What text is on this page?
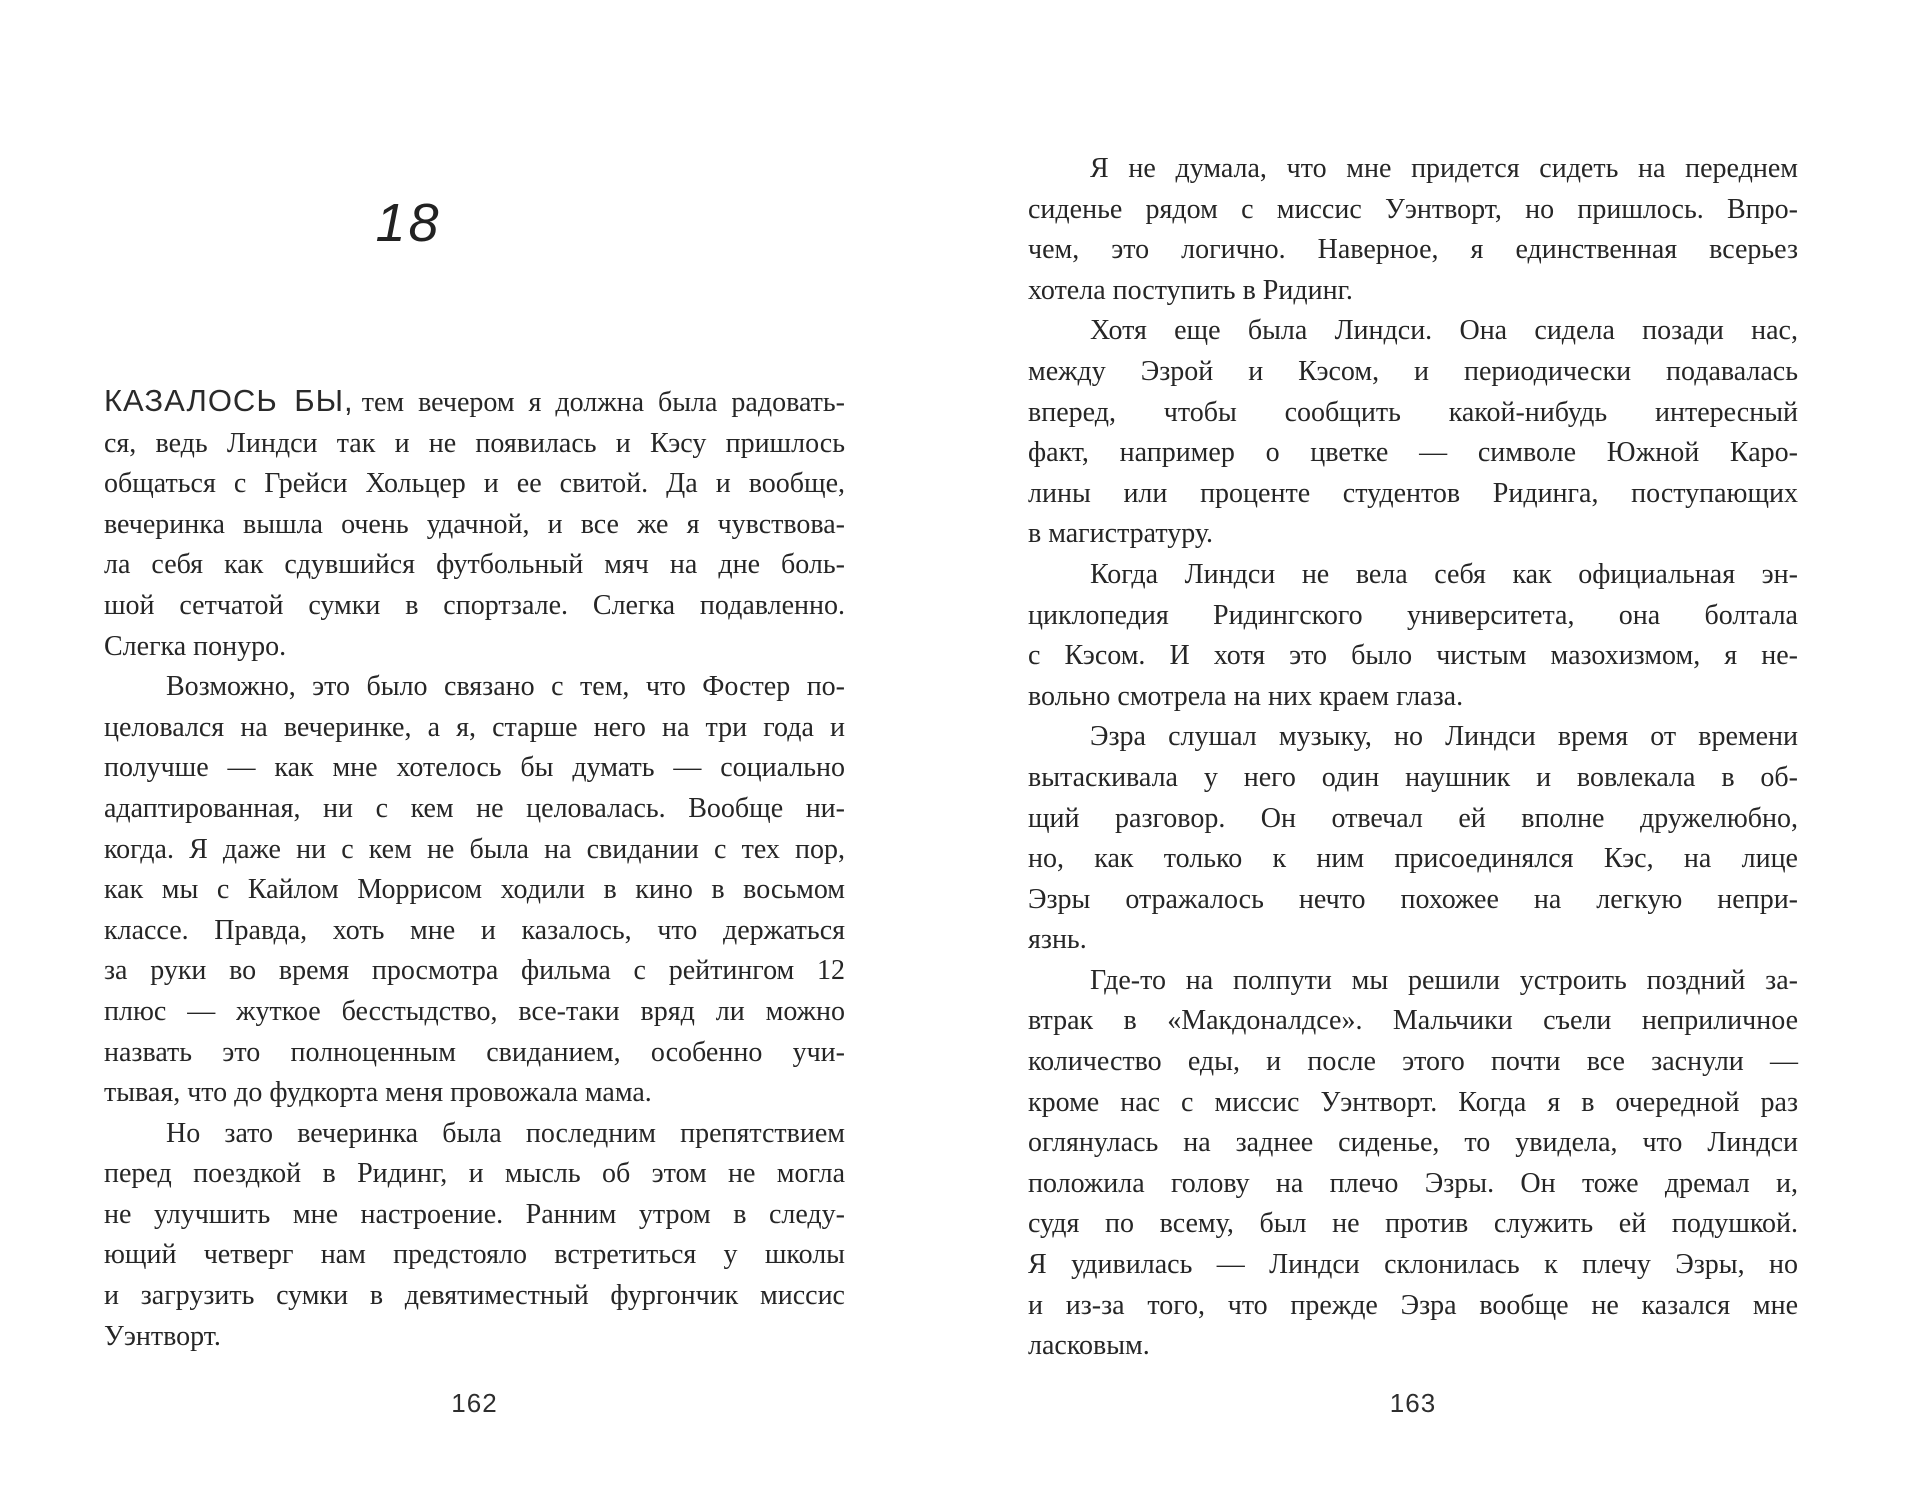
18
КАЗАЛОСЬ БЫ, тем вечером я должна была радовать-
ся, ведь Линдси так и не появилась и Кэсу пришлось
общаться с Грейси Хольцер и ее свитой. Да и вообще,
вечеринка вышла очень удачной, и все же я чувствова-
ла себя как сдувшийся футбольный мяч на дне боль-
шой сетчатой сумки в спортзале. Слегка подавленно.
Слегка понуро.
Возможно, это было связано с тем, что Фостер по-
целовался на вечеринке, а я, старше него на три года и
получше — как мне хотелось бы думать — социально
адаптированная, ни с кем не целовалась. Вообще ни-
когда. Я даже ни с кем не была на свидании с тех пор,
как мы с Кайлом Моррисом ходили в кино в восьмом
классе. Правда, хоть мне и казалось, что держаться
за руки во время просмотра фильма с рейтингом 12
плюс — жуткое бесстыдство, все-таки вряд ли можно
назвать это полноценным свиданием, особенно учи-
тывая, что до фудкорта меня провожала мама.
Но зато вечеринка была последним препятствием
перед поездкой в Ридинг, и мысль об этом не могла
не улучшить мне настроение. Ранним утром в следу-
ющий четверг нам предстояло встретиться у школы
и загрузить сумки в девятиместный фургончик миссис
Уэнтворт.
162
Я не думала, что мне придется сидеть на переднем
сиденье рядом с миссис Уэнтворт, но пришлось. Впро-
чем, это логично. Наверное, я единственная всерьез
хотела поступить в Ридинг.
Хотя еще была Линдси. Она сидела позади нас,
между Эзрой и Кэсом, и периодически подавалась
вперед, чтобы сообщить какой-нибудь интересный
факт, например о цветке — символе Южной Каро-
лины или проценте студентов Ридинга, поступающих
в магистратуру.
Когда Линдси не вела себя как официальная эн-
циклопедия Ридингского университета, она болтала
с Кэсом. И хотя это было чистым мазохизмом, я не-
вольно смотрела на них краем глаза.
Эзра слушал музыку, но Линдси время от времени
вытаскивала у него один наушник и вовлекала в об-
щий разговор. Он отвечал ей вполне дружелюбно,
но, как только к ним присоединялся Кэс, на лице
Эзры отражалось нечто похожее на легкую непри-
язнь.
Где-то на полпути мы решили устроить поздний за-
втрак в «Макдоналдсе». Мальчики съели неприличное
количество еды, и после этого почти все заснули —
кроме нас с миссис Уэнтворт. Когда я в очередной раз
оглянулась на заднее сиденье, то увидела, что Линдси
положила голову на плечо Эзры. Он тоже дремал и,
судя по всему, был не против служить ей подушкой.
Я удивилась — Линдси склонилась к плечу Эзры, но
и из-за того, что прежде Эзра вообще не казался мне
ласковым.
163
